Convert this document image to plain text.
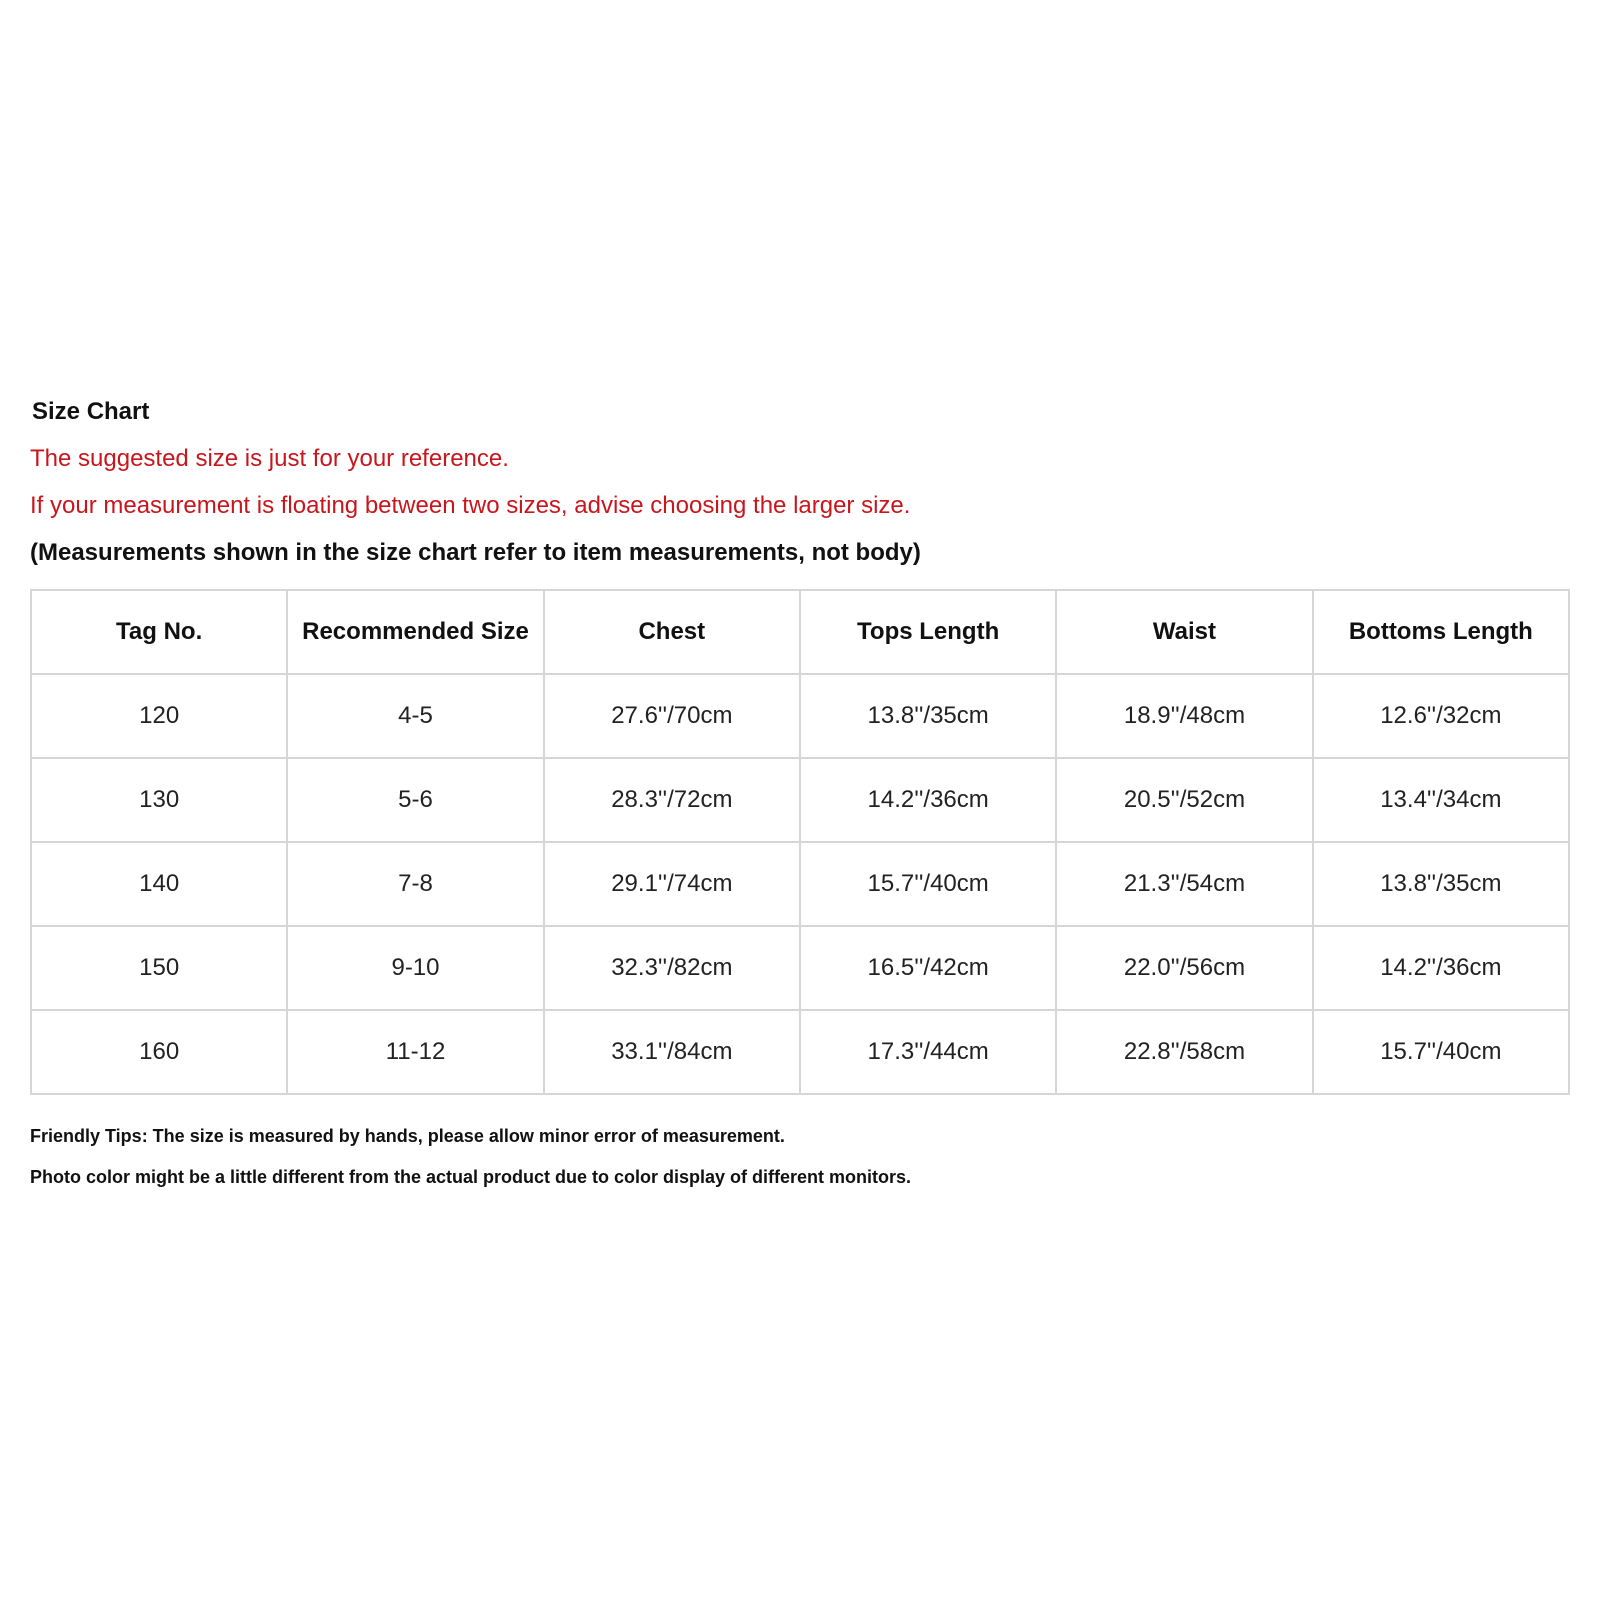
Size Chart
The suggested size is just for your reference.
If your measurement is floating between two sizes, advise choosing the larger size.
(Measurements shown in the size chart refer to item measurements, not body)
Tag No.	Recommended Size	Chest	Tops Length	Waist	Bottoms Length
120	4-5	27.6''/70cm	13.8''/35cm	18.9''/48cm	12.6''/32cm
130	5-6	28.3''/72cm	14.2''/36cm	20.5''/52cm	13.4''/34cm
140	7-8	29.1''/74cm	15.7''/40cm	21.3''/54cm	13.8''/35cm
150	9-10	32.3''/82cm	16.5''/42cm	22.0''/56cm	14.2''/36cm
160	11-12	33.1''/84cm	17.3''/44cm	22.8''/58cm	15.7''/40cm
Friendly Tips: The size is measured by hands, please allow minor error of measurement.
Photo color might be a little different from the actual product due to color display of different monitors.
